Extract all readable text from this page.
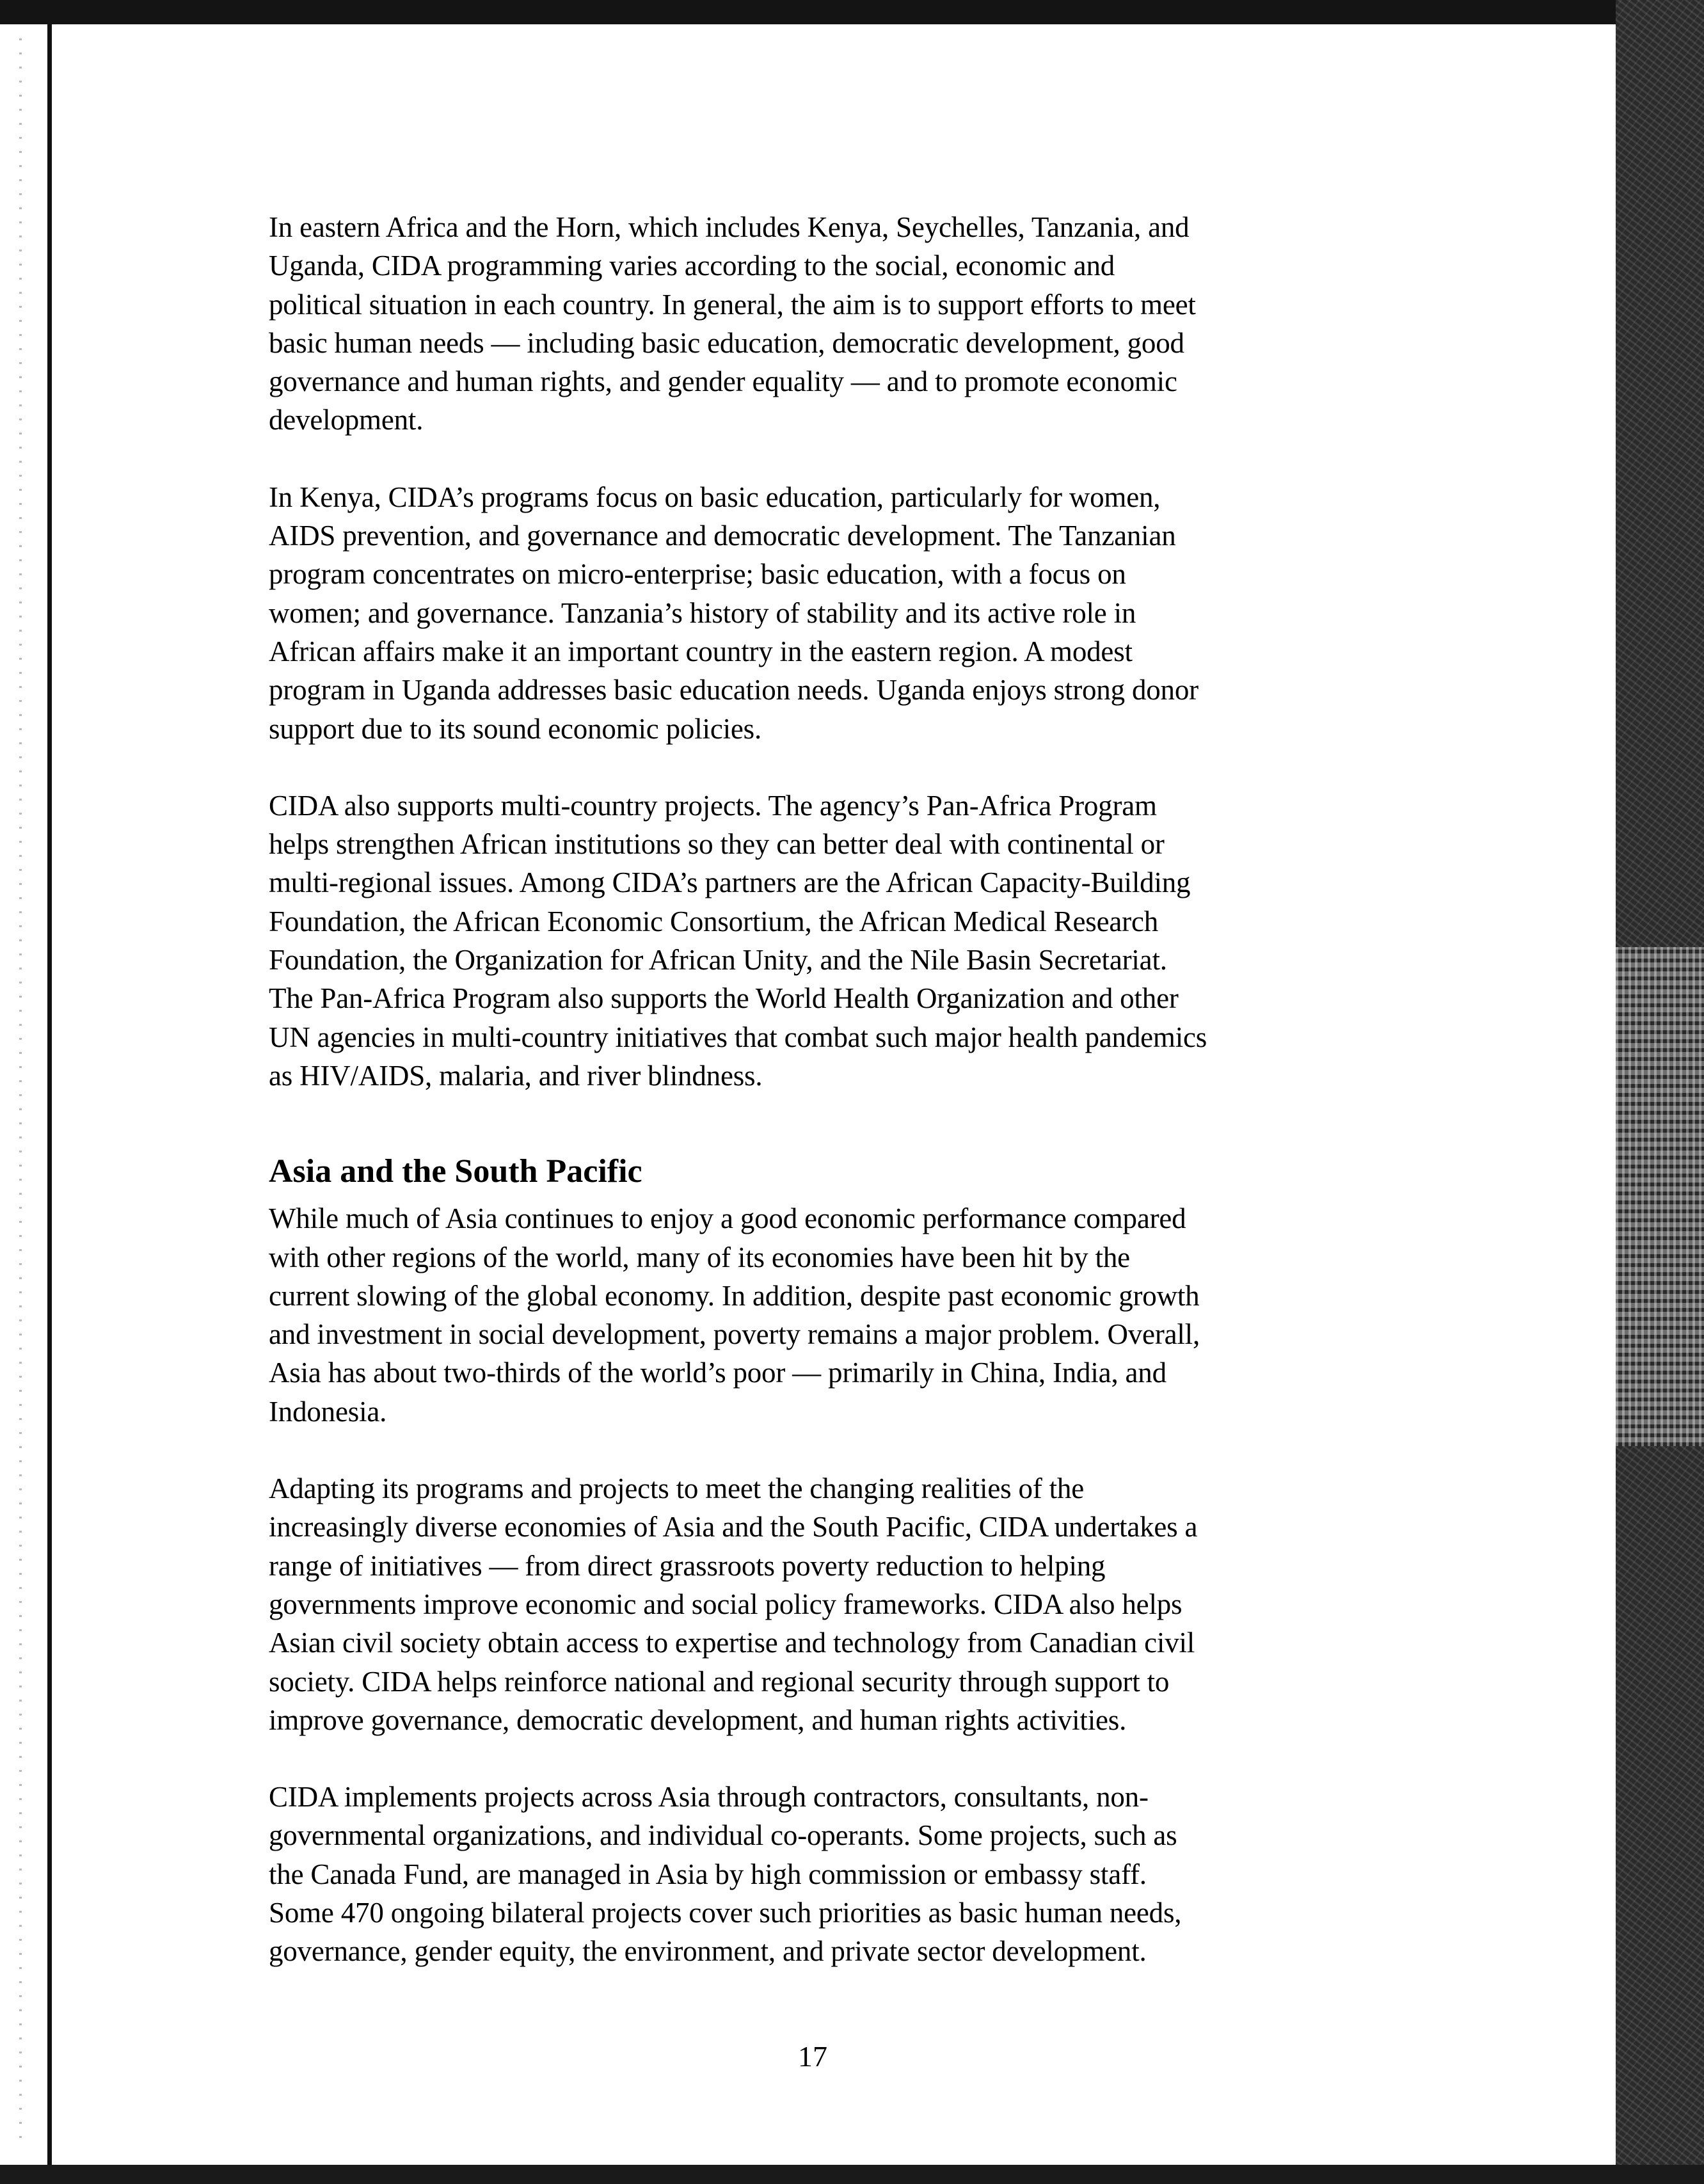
In eastern Africa and the Horn, which includes Kenya, Seychelles, Tanzania, and
Uganda, CIDA programming varies according to the social, economic and
political situation in each country. In general, the aim is to support efforts to meet
basic human needs — including basic education, democratic development, good
governance and human rights, and gender equality — and to promote economic
development.

In Kenya, CIDA’s programs focus on basic education, particularly for women,
AIDS prevention, and governance and democratic development. The Tanzanian
program concentrates on micro-enterprise; basic education, with a focus on
women; and governance. Tanzania’s history of stability and its active role in
African affairs make it an important country in the eastern region. A modest
program in Uganda addresses basic education needs. Uganda enjoys strong donor
support due to its sound economic policies.

CIDA also supports multi-country projects. The agency’s Pan-Africa Program
helps strengthen African institutions so they can better deal with continental or
multi-regional issues. Among CIDA’s partners are the African Capacity-Building
Foundation, the African Economic Consortium, the African Medical Research
Foundation, the Organization for African Unity, and the Nile Basin Secretariat.
The Pan-Africa Program also supports the World Health Organization and other
UN agencies in multi-country initiatives that combat such major health pandemics
as HIV/AIDS, malaria, and river blindness.

Asia and the South Pacific

While much of Asia continues to enjoy a good economic performance compared
with other regions of the world, many of its economies have been hit by the
current slowing of the global economy. In addition, despite past economic growth
and investment in social development, poverty remains a major problem. Overall,
Asia has about two-thirds of the world’s poor — primarily in China, India, and
Indonesia.

Adapting its programs and projects to meet the changing realities of the
increasingly diverse economies of Asia and the South Pacific, CIDA undertakes a
range of initiatives — from direct grassroots poverty reduction to helping
governments improve economic and social policy frameworks. CIDA also helps
Asian civil society obtain access to expertise and technology from Canadian civil
society. CIDA helps reinforce national and regional security through support to
improve governance, democratic development, and human rights activities.

CIDA implements projects across Asia through contractors, consultants, non-
governmental organizations, and individual co-operants. Some projects, such as
the Canada Fund, are managed in Asia by high commission or embassy staff.
Some 470 ongoing bilateral projects cover such priorities as basic human needs,
governance, gender equity, the environment, and private sector development.

17
